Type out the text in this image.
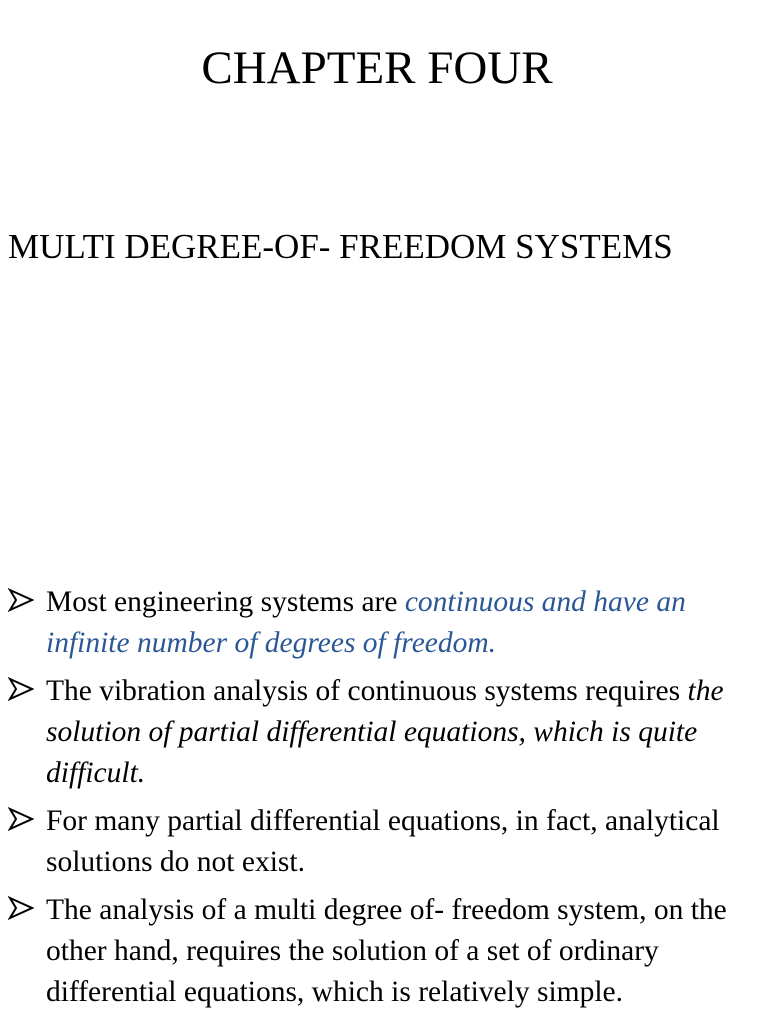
CHAPTER FOUR
MULTI DEGREE-OF- FREEDOM SYSTEMS
Most engineering systems are continuous and have an infinite number of degrees of freedom.
The vibration analysis of continuous systems requires the solution of partial differential equations, which is quite difficult.
For many partial differential equations, in fact, analytical solutions do not exist.
The analysis of a multi degree of- freedom system, on the other hand, requires the solution of a set of ordinary differential equations, which is relatively simple.
